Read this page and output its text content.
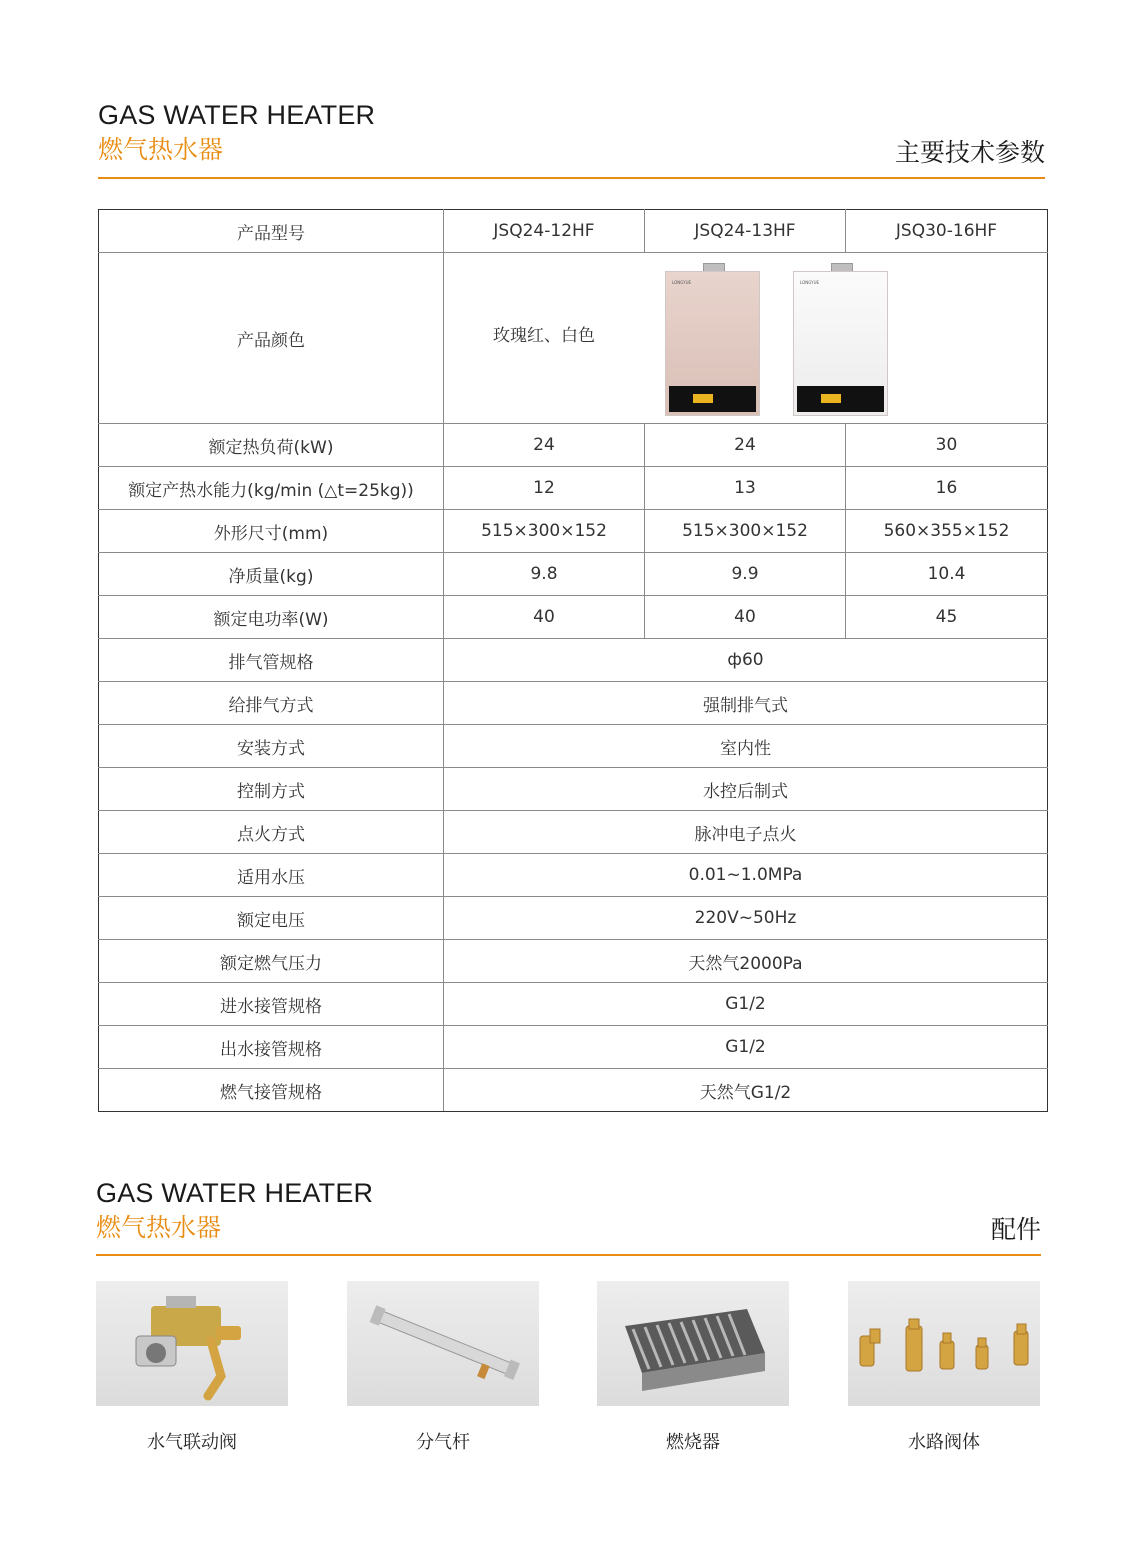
GAS WATER HEATER
燃气热水器	主要技术参数
产品型号	JSQ24-12HF	JSQ24-13HF	JSQ30-16HF
产品颜色	玫瑰红、白色
LONGYUE LONGYUE		

额定热负荷(kW)	24	24	30
额定产热水能力(kg/min (△t=25kg))	12	13	16
外形尺寸(mm)	515×300×152	515×300×152	560×355×152
净质量(kg)	9.8	9.9	10.4
额定电功率(W)	40	40	45
排气管规格	ф60		
给排气方式	强制排气式		
安装方式	室内性		
控制方式	水控后制式		
点火方式	脉冲电子点火		
适用水压	0.01~1.0MPa		
额定电压	220V~50Hz		
额定燃气压力	天然气2000Pa		
进水接管规格	G1/2		
出水接管规格	G1/2		
燃气接管规格	天然气G1/2		
GAS WATER HEATER
燃气热水器	配件
水气联动阀	分气杆	燃烧器	水路阀体
